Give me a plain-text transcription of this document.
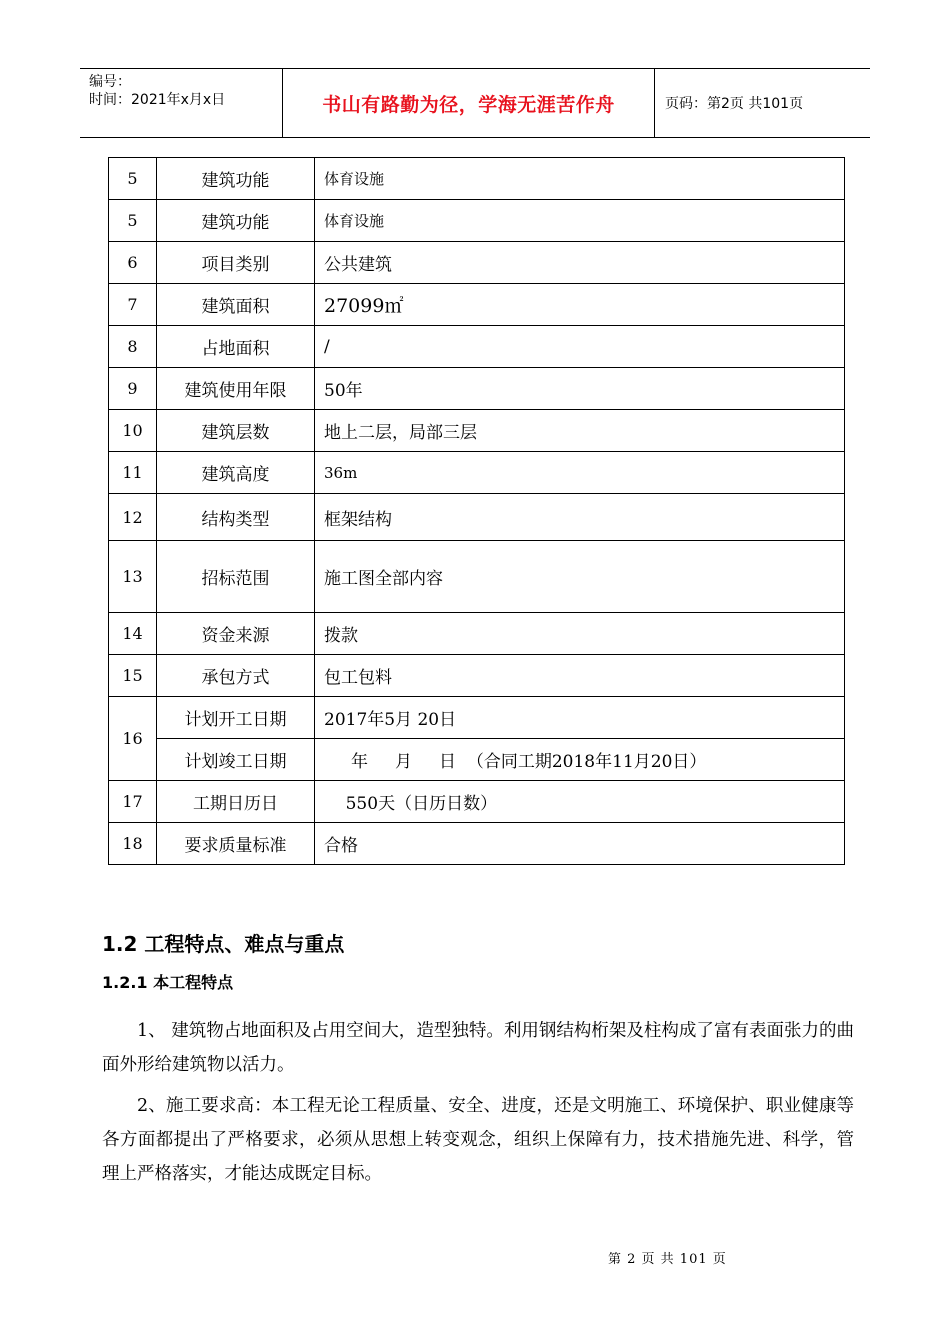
编号：
时间：2021年x月x日	书山有路勤为径，学海无涯苦作舟	页码：第2页 共101页
5	建筑功能	体育设施
5	建筑功能	体育设施
6	项目类别	公共建筑
7	建筑面积	27099㎡
8	占地面积	/
9	建筑使用年限	50年
10	建筑层数	地上二层，局部三层
11	建筑高度	36m
12	结构类型	框架结构
13	招标范围	施工图全部内容
14	资金来源	拨款
15	承包方式	包工包料
16	计划开工日期	2017年5月 20日
	计划竣工日期	年     月     日  （合同工期2018年11月20日）
17	工期日历日	550天（日历日数）
18	要求质量标准	合格
1.2 工程特点、难点与重点
1.2.1 本工程特点
1、 建筑物占地面积及占用空间大，造型独特。利用钢结构桁架及柱构成了富有表面张力的曲面外形给建筑物以活力。
2、施工要求高：本工程无论工程质量、安全、进度，还是文明施工、环境保护、职业健康等各方面都提出了严格要求，必须从思想上转变观念，组织上保障有力，技术措施先进、科学，管理上严格落实，才能达成既定目标。
第 2 页 共 101 页
